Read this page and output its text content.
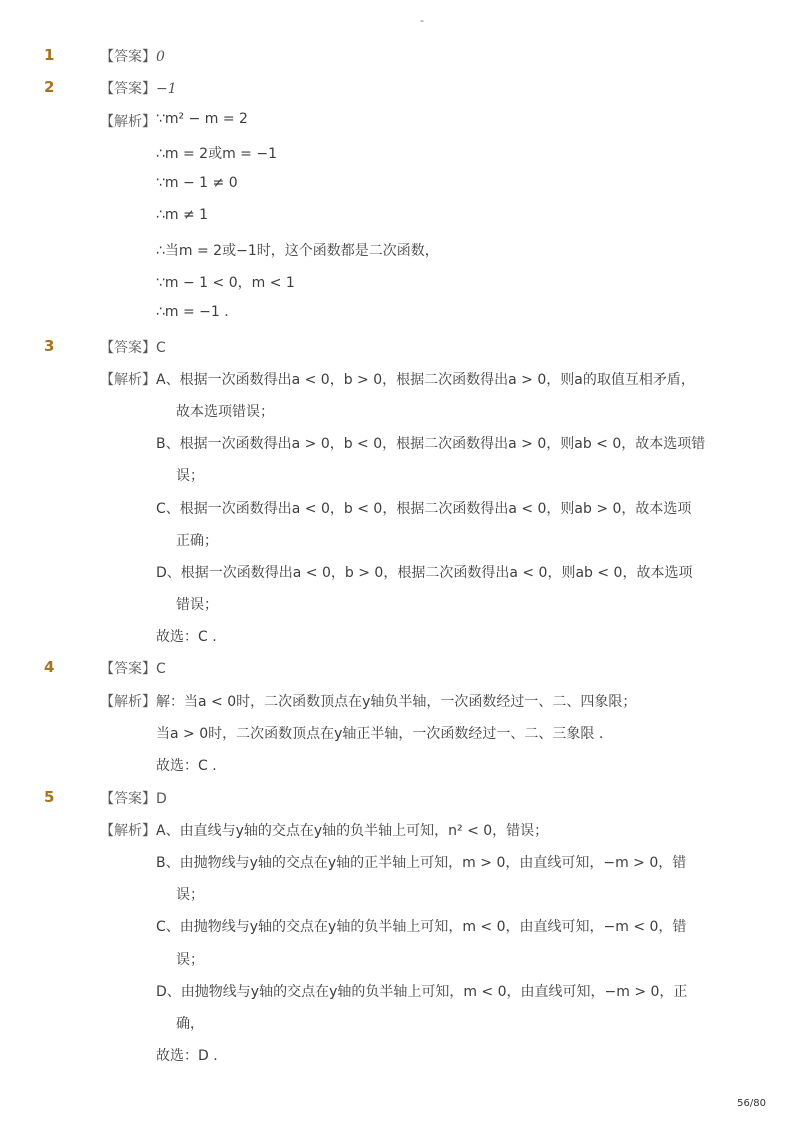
-
1	【答案】0
2	【答案】−1
【解析】 ∵m² − m = 2
∴m = 2或m = −1
∵m − 1 ≠ 0
∴m ≠ 1
∴当m = 2或−1时，这个函数都是二次函数，
∵m − 1 < 0，m < 1
∴m = −1 .
3	【答案】C
【解析】 A、根据一次函数得出a < 0，b > 0，根据二次函数得出a > 0，则a的取值互相矛盾，
故本选项错误；
B、根据一次函数得出a > 0，b < 0，根据二次函数得出a > 0，则ab < 0，故本选项错
误；
C、根据一次函数得出a < 0，b < 0，根据二次函数得出a < 0，则ab > 0，故本选项
正确；
D、根据一次函数得出a < 0，b > 0，根据二次函数得出a < 0，则ab < 0，故本选项
错误；
故选：C .
4	【答案】C
【解析】 解：当a < 0时，二次函数顶点在y轴负半轴，一次函数经过一、二、四象限；
当a > 0时，二次函数顶点在y轴正半轴，一次函数经过一、二、三象限 .
故选：C .
5	【答案】D
【解析】 A、由直线与y轴的交点在y轴的负半轴上可知，n² < 0，错误；
B、由抛物线与y轴的交点在y轴的正半轴上可知，m > 0，由直线可知，−m > 0，错
误；
C、由抛物线与y轴的交点在y轴的负半轴上可知，m < 0，由直线可知，−m < 0，错
误；
D、由抛物线与y轴的交点在y轴的负半轴上可知，m < 0，由直线可知，−m > 0，正
确，
故选：D .
56/80
